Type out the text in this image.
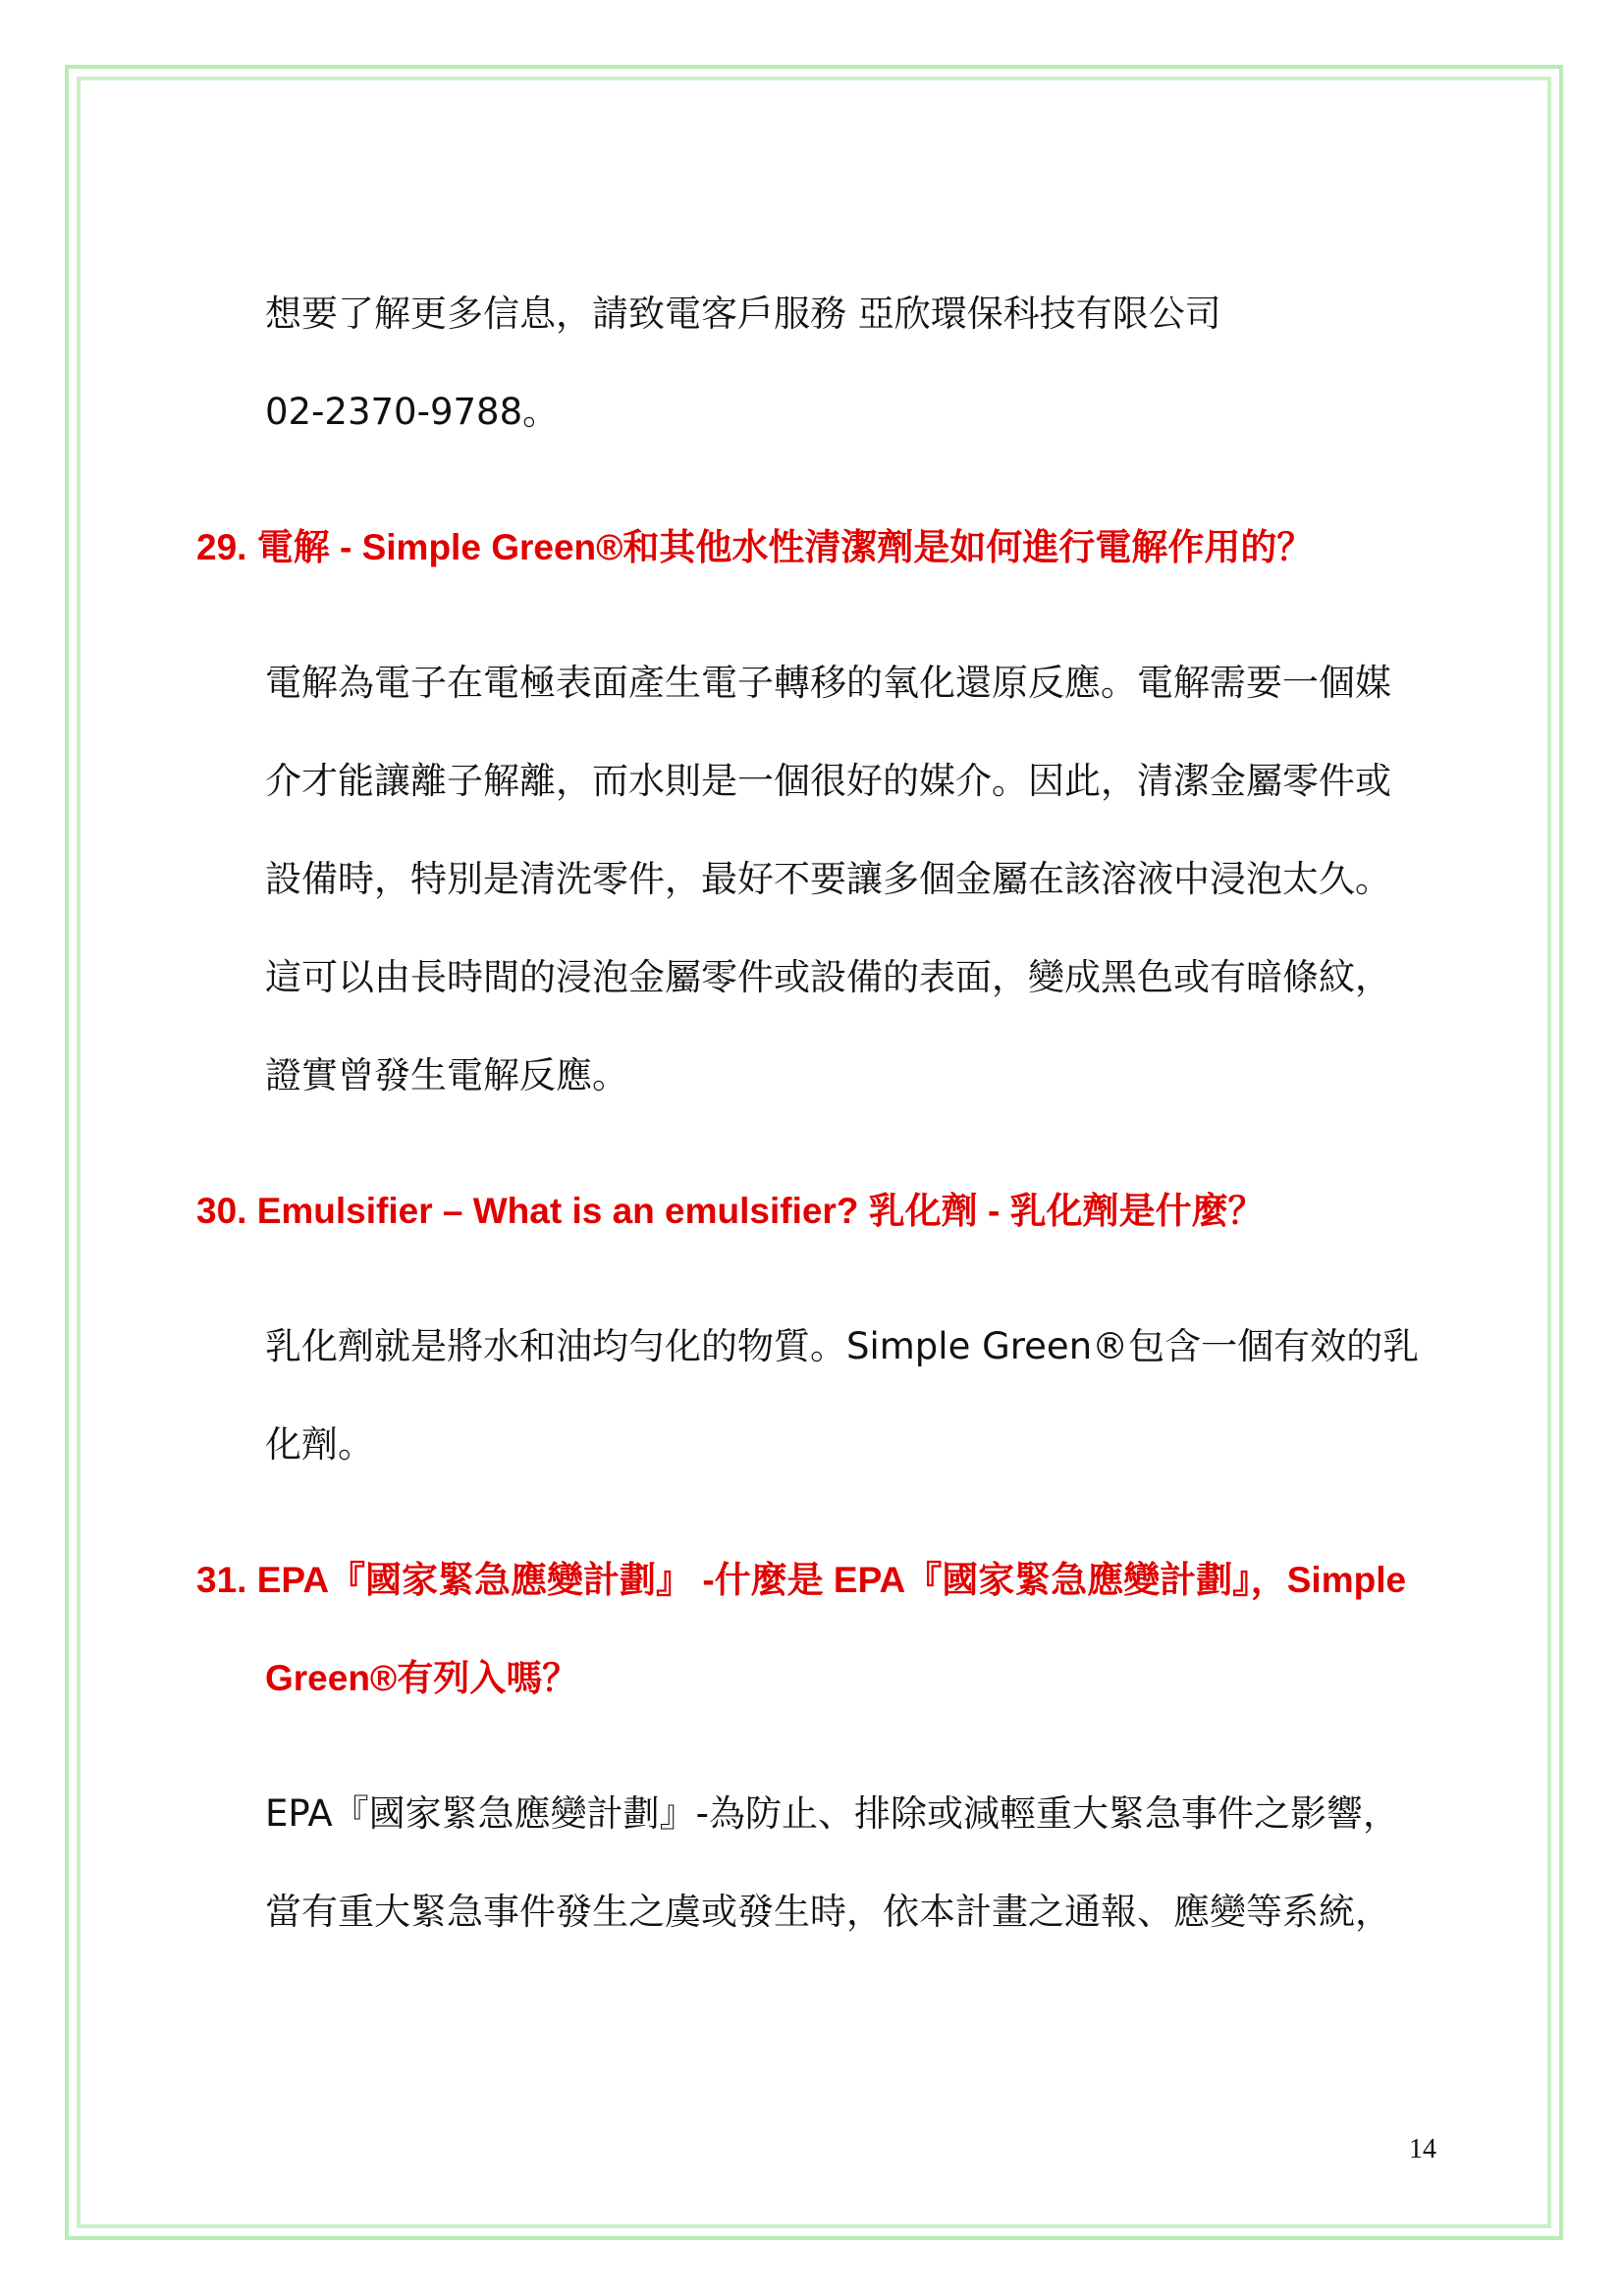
想要了解更多信息，請致電客戶服務 亞欣環保科技有限公司

02-2370-9788。

29. 電解 - Simple Green®和其他水性清潔劑是如何進行電解作用的？

電解為電子在電極表面產生電子轉移的氧化還原反應。電解需要一個媒

介才能讓離子解離，而水則是一個很好的媒介。因此，清潔金屬零件或

設備時，特別是清洗零件，最好不要讓多個金屬在該溶液中浸泡太久。

這可以由長時間的浸泡金屬零件或設備的表面，變成黑色或有暗條紋，

證實曾發生電解反應。

30. Emulsifier – What is an emulsifier? 乳化劑 - 乳化劑是什麼？

乳化劑就是將水和油均勻化的物質。Simple Green®包含一個有效的乳

化劑。

31. EPA『國家緊急應變計劃』 -什麼是 EPA『國家緊急應變計劃』，Simple

Green®有列入嗎？

EPA『國家緊急應變計劃』-為防止、排除或減輕重大緊急事件之影響，

當有重大緊急事件發生之虞或發生時，依本計畫之通報、應變等系統，

14
